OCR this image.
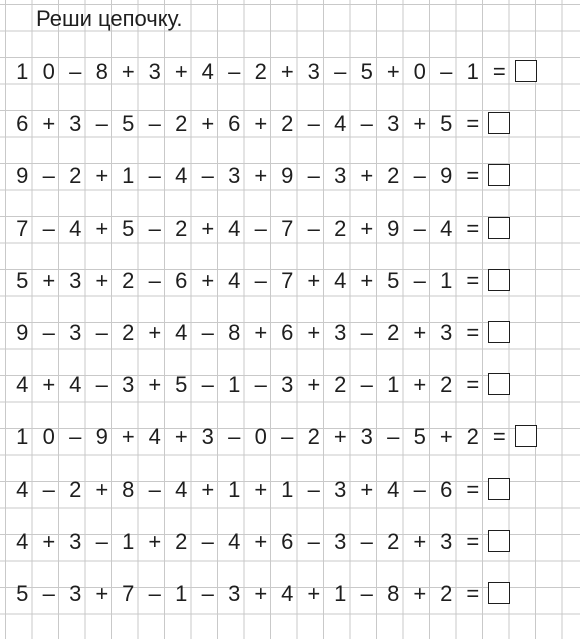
Реши цепочку.
1 0 – 8 + 3 + 4 – 2 + 3 – 5 + 0 – 1 =
6 + 3 – 5 – 2 + 6 + 2 – 4 – 3 + 5 =
9 – 2 + 1 – 4 – 3 + 9 – 3 + 2 – 9 =
7 – 4 + 5 – 2 + 4 – 7 – 2 + 9 – 4 =
5 + 3 + 2 – 6 + 4 – 7 + 4 + 5 – 1 =
9 – 3 – 2 + 4 – 8 + 6 + 3 – 2 + 3 =
4 + 4 – 3 + 5 – 1 – 3 + 2 – 1 + 2 =
1 0 – 9 + 4 + 3 – 0 – 2 + 3 – 5 + 2 =
4 – 2 + 8 – 4 + 1 + 1 – 3 + 4 – 6 =
4 + 3 – 1 + 2 – 4 + 6 – 3 – 2 + 3 =
5 – 3 + 7 – 1 – 3 + 4 + 1 – 8 + 2 =
